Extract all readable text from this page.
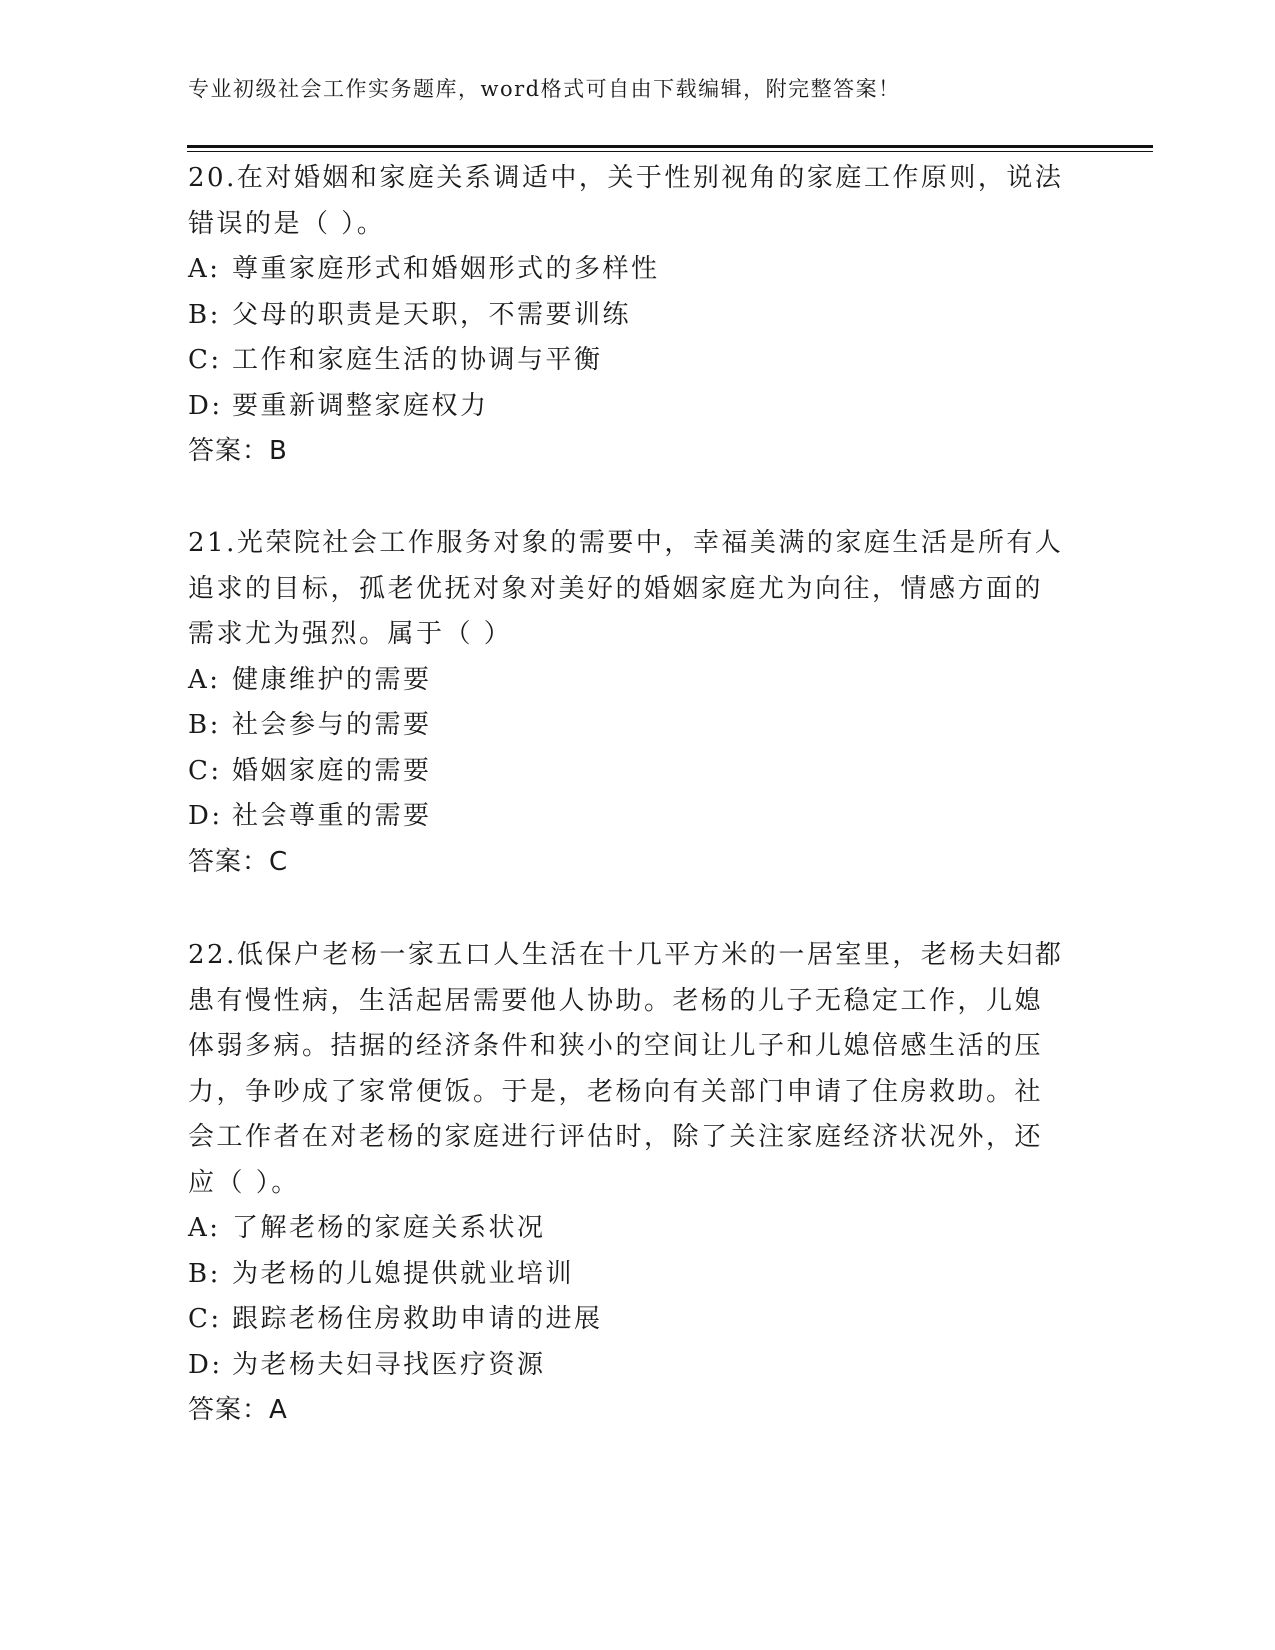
专业初级社会工作实务题库，word格式可自由下载编辑，附完整答案！

20.在对婚姻和家庭关系调适中，关于性别视角的家庭工作原则，说法

错误的是（ ）。

A: 尊重家庭形式和婚姻形式的多样性

B: 父母的职责是天职，不需要训练

C: 工作和家庭生活的协调与平衡

D: 要重新调整家庭权力

答案：B

21.光荣院社会工作服务对象的需要中，幸福美满的家庭生活是所有人

追求的目标，孤老优抚对象对美好的婚姻家庭尤为向往，情感方面的

需求尤为强烈。属于（ ）

A: 健康维护的需要

B: 社会参与的需要

C: 婚姻家庭的需要

D: 社会尊重的需要

答案：C

22.低保户老杨一家五口人生活在十几平方米的一居室里，老杨夫妇都

患有慢性病，生活起居需要他人协助。老杨的儿子无稳定工作，儿媳

体弱多病。拮据的经济条件和狭小的空间让儿子和儿媳倍感生活的压

力，争吵成了家常便饭。于是，老杨向有关部门申请了住房救助。社

会工作者在对老杨的家庭进行评估时，除了关注家庭经济状况外，还

应（ ）。

A: 了解老杨的家庭关系状况

B: 为老杨的儿媳提供就业培训

C: 跟踪老杨住房救助申请的进展

D: 为老杨夫妇寻找医疗资源

答案：A
